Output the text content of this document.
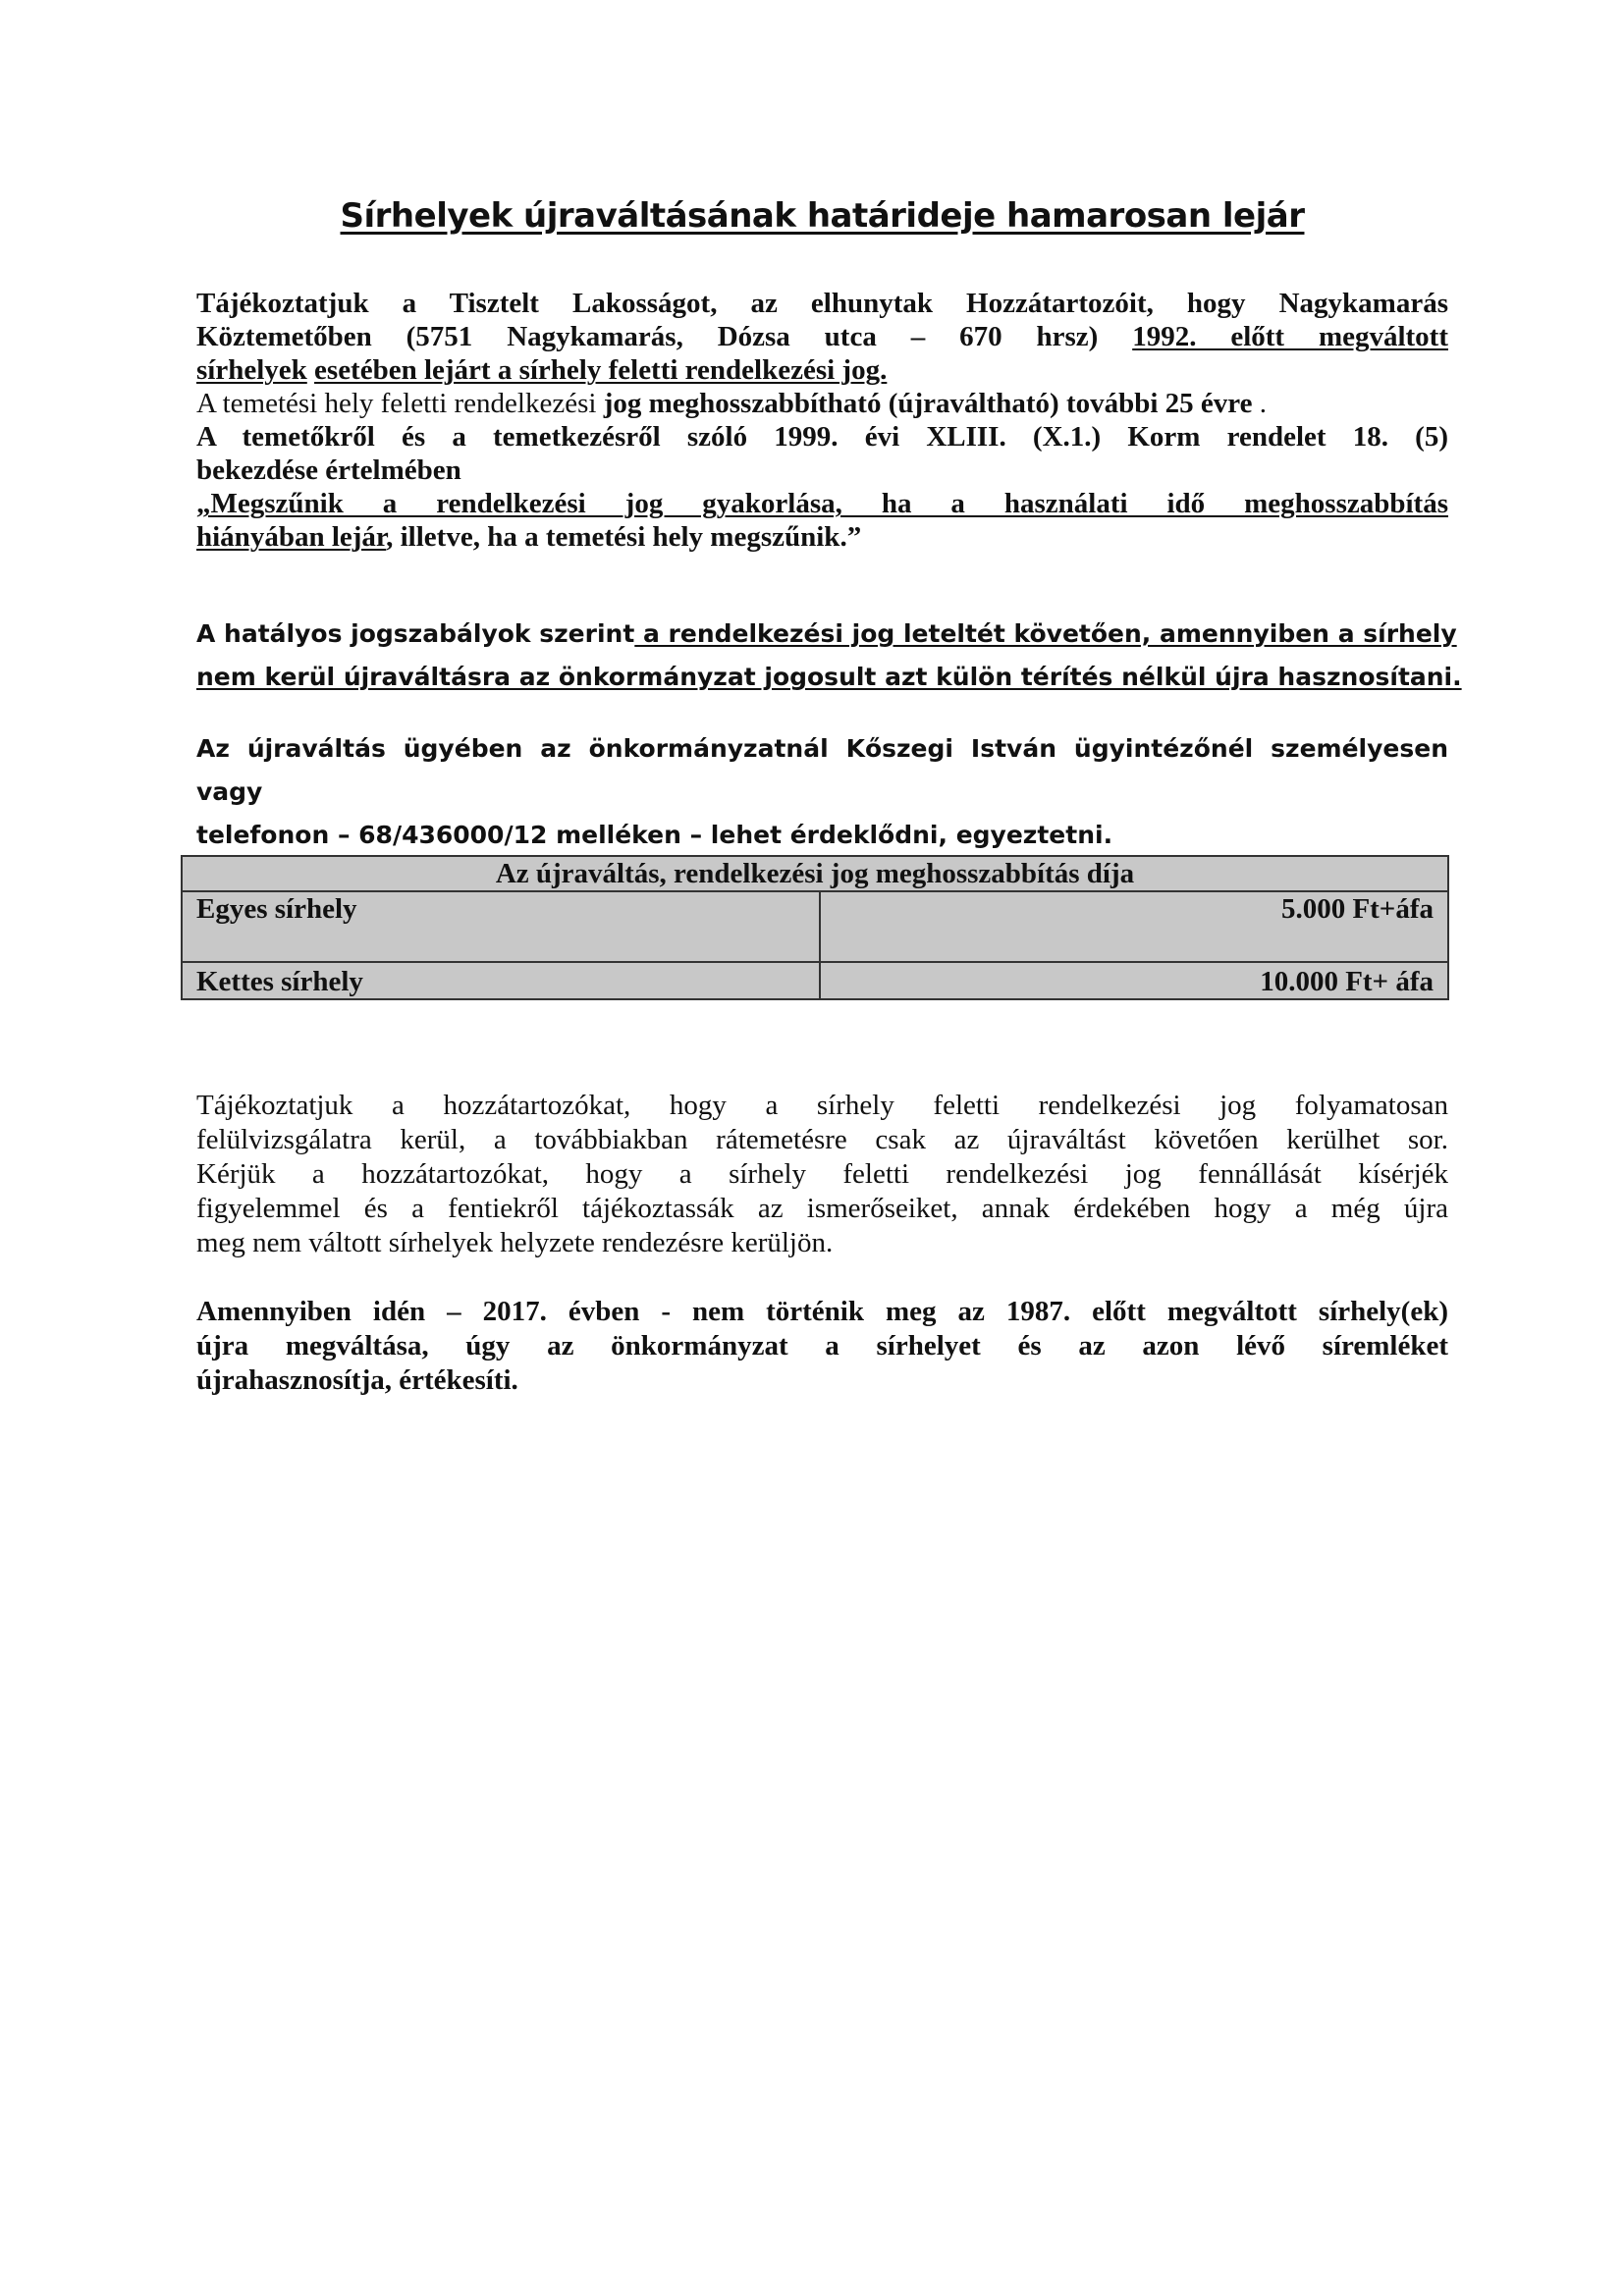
Sírhelyek újraváltásának határideje hamarosan lejár
Tájékoztatjuk a Tisztelt Lakosságot, az elhunytak Hozzátartozóit, hogy Nagykamarás
Köztemetőben (5751 Nagykamarás, Dózsa utca – 670 hrsz) 1992. előtt megváltott
sírhelyek esetében lejárt a sírhely feletti rendelkezési jog.
A temetési hely feletti rendelkezési jog meghosszabbítható (újraváltható) további 25 évre .
A temetőkről és a temetkezésről szóló 1999. évi XLIII. (X.1.) Korm rendelet 18. (5)
bekezdése értelmében
„Megszűnik a rendelkezési jog gyakorlása, ha a használati idő meghosszabbítás
hiányában lejár, illetve, ha a temetési hely megszűnik.”
A hatályos jogszabályok szerint a rendelkezési jog leteltét követően, amennyiben a sírhely
nem kerül újraváltásra az önkormányzat jogosult azt külön térítés nélkül újra hasznosítani.
Az újraváltás ügyében az önkormányzatnál Kőszegi István ügyintézőnél személyesen vagy
telefonon – 68/436000/12 melléken – lehet érdeklődni, egyeztetni.
Az újraváltás, rendelkezési jog meghosszabbítás díja	
Egyes sírhely	5.000 Ft+áfa
Kettes sírhely	10.000 Ft+ áfa
Tájékoztatjuk a hozzátartozókat, hogy a sírhely feletti rendelkezési jog folyamatosan
felülvizsgálatra kerül, a továbbiakban rátemetésre csak az újraváltást követően kerülhet sor.
Kérjük a hozzátartozókat, hogy a sírhely feletti rendelkezési jog fennállását kísérjék
figyelemmel és a fentiekről tájékoztassák az ismerőseiket, annak érdekében hogy a még újra
meg nem váltott sírhelyek helyzete rendezésre kerüljön.
Amennyiben idén – 2017. évben - nem történik meg az 1987. előtt megváltott sírhely(ek)
újra megváltása, úgy az önkormányzat a sírhelyet és az azon lévő síremléket
újrahasznosítja, értékesíti.
